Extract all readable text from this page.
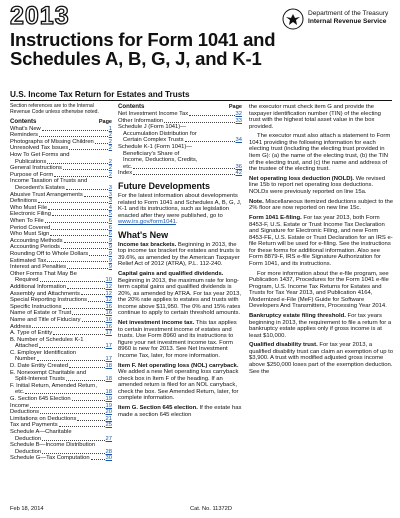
2013	Department of the Treasury
Internal Revenue Service
Instructions for Form 1041 and Schedules A, B, G, J, and K-1
U.S. Income Tax Return for Estates and Trusts
Section references are to the Internal Revenue Code unless otherwise noted.
Contents	Page
What's New	1
Reminders	2
Photographs of Missing Children	2
Unresolved Tax Issues	2
How To Get Forms and
Publications	2
General Instructions	2
Purpose of Form	2
Income Taxation of Trusts and
Decedent's Estates	3
Abusive Trust Arrangements	3
Definitions	3
Who Must File	4
Electronic Filing	5
When To File	6
Period Covered	6
Who Must Sign	6
Accounting Methods	9
Accounting Periods	9
Rounding Off to Whole Dollars	9
Estimated Tax	9
Interest and Penalties	9
Other Forms That May Be
Required	10
Additional Information	12
Assembly and Attachments	12
Special Reporting Instructions	12
Specific Instructions	16
Name of Estate or Trust	16
Name and Title of Fiduciary	16
Address	16
A. Type of Entity	17
B. Number of Schedules K-1
Attached	17
C. Employer Identification
Number	17
D. Date Entity Created	18
E. Nonexempt Charitable and
Split-Interest Trusts	18
F. Initial Return, Amended Return,
etc.	18
G. Section 645 Election	19
Income	19
Deductions	20
Limitations on Deductions	21
Tax and Payments	25
Schedule A—Charitable
Deduction	27
Schedule B—Income Distribution
Deduction	28
Schedule G—Tax Computation	30
Contents	Page
Net Investment Income Tax	32
Other Information	33
Schedule J (Form 1041)—
Accumulation Distribution for
Certain Complex Trusts	34
Schedule K-1 (Form 1041)—
Beneficiary's Share of
Income, Deductions, Credits,
etc.	36
Index	42
Future Developments
For the latest information about developments related to Form 1041 and Schedules A, B, G, J, K-1 and its instructions, such as legislation enacted after they were published, go to www.irs.gov/form1041.
What's New
Income tax brackets. Beginning in 2013, the top income tax bracket for estates and trusts is 39.6%, as amended by the American Taxpayer Relief Act of 2012 (ATRA), P.L. 112-240.
Capital gains and qualified dividends. Beginning in 2013, the maximum rate for long-term capital gains and qualified dividends is 20%, as amended by ATRA. For tax year 2013, the 20% rate applies to estates and trusts with income above $11,950. The 0% and 15% rates continue to apply to certain threshold amounts.
Net investment income tax. This tax applies to certain investment income of estates and trusts. Use Form 8960 and its instructions to figure your net investment income tax. Form 8960 is new for 2013. See Net Investment Income Tax, later, for more information.
Item F. Net operating loss (NOL) carryback. We added a new Net operating loss carryback check box in Item F of the heading. If an amended return is filed for an NOL carryback, check the box. See Amended Return, later, for complete information.
Item G. Section 645 election. If the estate has made a section 645 election
the executor must check item G and provide the taxpayer identification number (TIN) of the electing trust with the highest total asset value in the box provided.
The executor must also attach a statement to Form 1041 providing the following information for each electing trust (including the electing trust provided in Item G): (a) the name of the electing trust, (b) the TIN of the electing trust, and (c) the name and address of the trustee of the electing trust.
Net operating loss deduction (NOLD). We revised line 15b to report net operating loss deductions. NOLDs were previously reported on line 15a.
Note. Miscellaneous itemized deductions subject to the 2% floor are now reported on new line 15c.
Form 1041 E-filing. For tax year 2013, both Form 8453-F, U.S. Estate or Trust Income Tax Declaration and Signature for Electronic Filing, and new Form 8453-FE, U.S. Estate or Trust Declaration for an IRS e-file Return will be used for e-filing. See the instructions for these forms for additional information. Also see Form 8879-F, IRS e-file Signature Authorization for Form 1041, and its instructions.
For more information about the e-file program, see Publication 1437, Procedures for the Form 1041 e-file Program, U.S. Income Tax Returns for Estates and Trusts for Tax Year 2013, and Publication 4164, Modernized e-File (MeF) Guide for Software Developers And Transmitters, Processing Year 2014.
Bankruptcy estate filing threshold. For tax years beginning in 2013, the requirement to file a return for a bankruptcy estate applies only if gross income is at least $10,000.
Qualified disability trust. For tax year 2013, a qualified disability trust can claim an exemption of up to $3,900. A trust with modified adjusted gross income above $250,000 loses part of the exemption deduction. See the
Feb 18, 2014	Cat. No. 11372D
